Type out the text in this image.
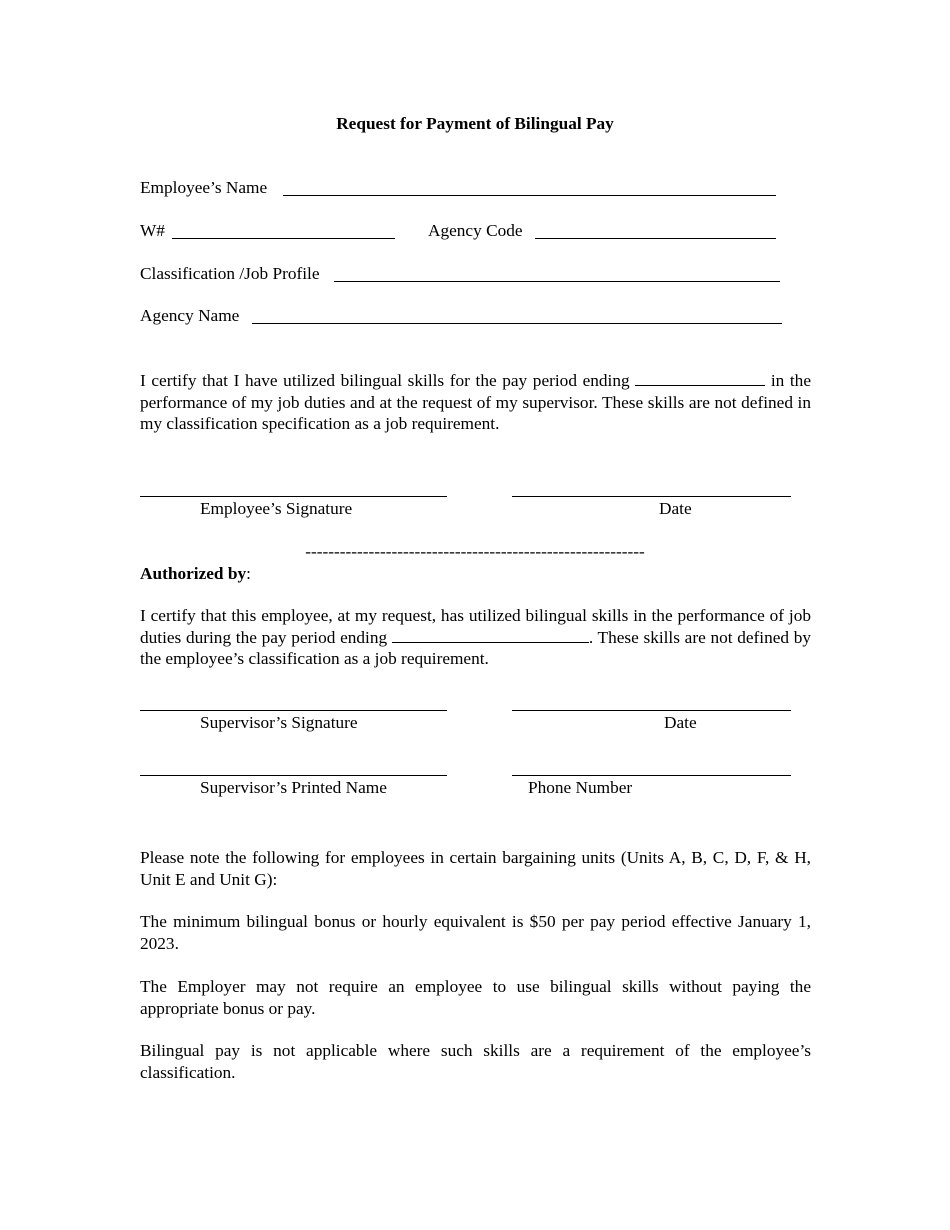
Request for Payment of Bilingual Pay
Employee’s Name
W#	Agency Code
Classification /Job Profile
Agency Name
I certify that I have utilized bilingual skills for the pay period ending	in the performance of my job duties and at the request of my supervisor. These skills are not defined in my classification specification as a job requirement.
Employee’s Signature	Date
-----------------------------------------------------------
Authorized by:
I certify that this employee, at my request, has utilized bilingual skills in the performance of job duties during the pay period ending	. These skills are not defined by the employee’s classification as a job requirement.
Supervisor’s Signature	Date
Supervisor’s Printed Name	Phone Number
Please note the following for employees in certain bargaining units (Units A, B, C, D, F, & H, Unit E and Unit G):
The minimum bilingual bonus or hourly equivalent is $50 per pay period effective January 1, 2023.
The Employer may not require an employee to use bilingual skills without paying the appropriate bonus or pay.
Bilingual pay is not applicable where such skills are a requirement of the employee’s classification.
